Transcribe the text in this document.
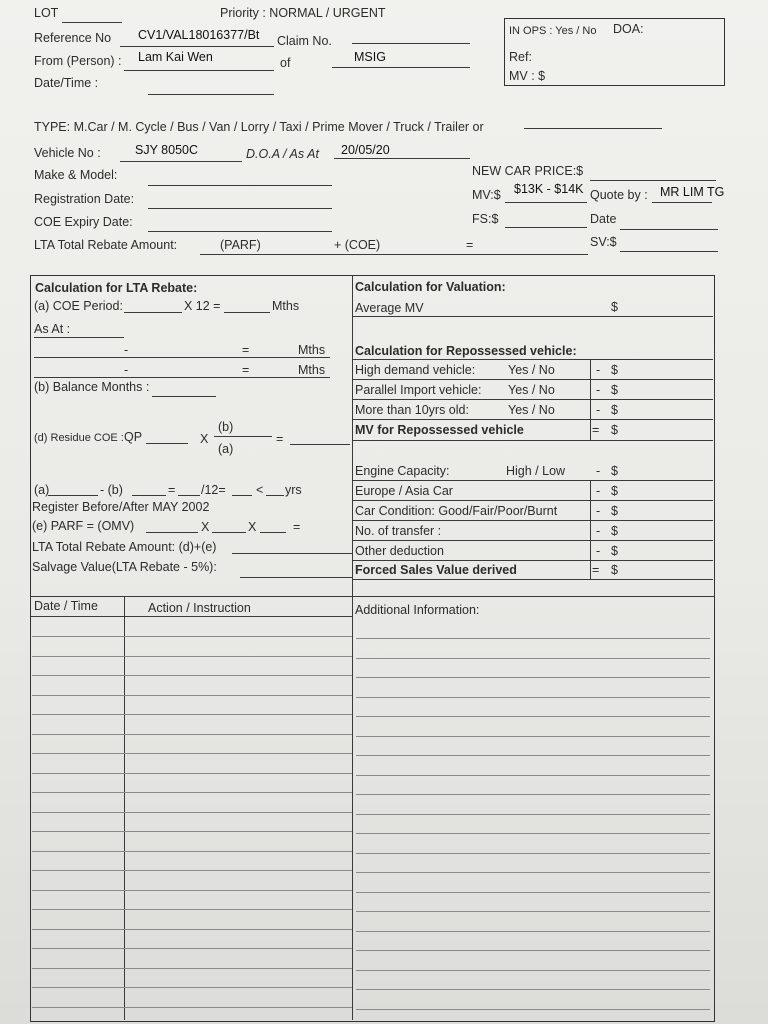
LOT	Priority : NORMAL / URGENT
Reference No CV1/VAL18016377/Bt Claim No.
From (Person) : Lam Kai Wen	of	MSIG
Date/Time :
IN OPS : Yes / No DOA:
Ref:
MV : $
TYPE: M.Car / M. Cycle / Bus / Van / Lorry / Taxi / Prime Mover / Truck / Trailer or
Vehicle No :	SJY 8050C	D.O.A / As At 20/05/20
Make & Model:
Registration Date:
COE Expiry Date:
LTA Total Rebate Amount:	(PARF)	+ (COE)	=
NEW CAR PRICE:$
MV:$ $13K - $14K Quote by : MR LIM TG
FS:$	Date
SV:$
Calculation for LTA Rebate:
(a) COE Period:	X 12 =	Mths
As At :
-	=	Mths
-	=	Mths
(b) Balance Months :
(d) Residue COE : QP	X
(b)
(a)
=
(a)	- (b)	= /12= < yrs
Register Before/After MAY 2002
(e) PARF = (OMV)	X	X	=
LTA Total Rebate Amount: (d)+(e)
Salvage Value(LTA Rebate - 5%):
Calculation for Valuation:
Average MV	$
Calculation for Repossessed vehicle:
High demand vehicle:	Yes / No	- $
Parallel Import vehicle: Yes / No	- $
More than 10yrs old:	Yes / No	- $
MV for Repossessed vehicle	= $
Engine Capacity:	High / Low - $
Europe / Asia Car	- $
Car Condition: Good/Fair/Poor/Burnt	- $
No. of transfer :	- $
Other deduction	- $
Forced Sales Value derived	= $
Date / Time	Action / Instruction	Additional Information:
